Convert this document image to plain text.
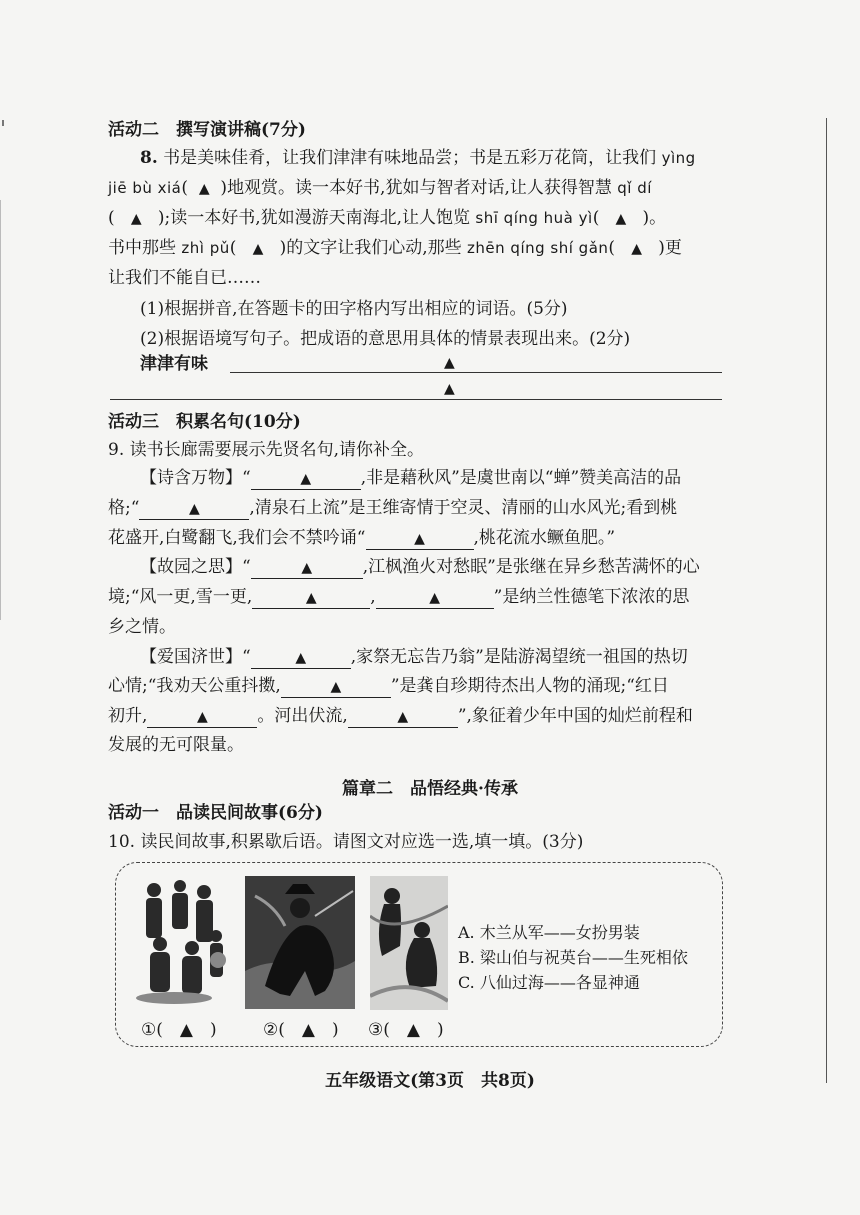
活动二　撰写演讲稿(7分)
8. 书是美味佳肴，让我们津津有味地品尝；书是五彩万花筒，让我们 yìng
jiē bù xiá(  ▲  )地观赏。读一本好书,犹如与智者对话,让人获得智慧 qǐ dí
(   ▲   );读一本好书,犹如漫游天南海北,让人饱览 shī qíng huà yì(   ▲   )。
书中那些 zhì pǔ(   ▲   )的文字让我们心动,那些 zhēn qíng shí gǎn(   ▲   )更
让我们不能自已……
(1)根据拼音,在答题卡的田字格内写出相应的词语。(5分)
(2)根据语境写句子。把成语的意思用具体的情景表现出来。(2分)
津津有味	▲
▲
活动三　积累名句(10分)
9. 读书长廊需要展示先贤名句,请你补全。
【诗含万物】“	▲	,非是藉秋风”是虞世南以“蝉”赞美高洁的品
格;“	▲	,清泉石上流”是王维寄情于空灵、清丽的山水风光;看到桃
花盛开,白鹭翻飞,我们会不禁吟诵“	▲	,桃花流水鳜鱼肥。”
【故园之思】“	▲	,江枫渔火对愁眠”是张继在异乡愁苦满怀的心
境;“风一更,雪一更,	▲	,	▲	”是纳兰性德笔下浓浓的思
乡之情。
【爱国济世】“	▲	,家祭无忘告乃翁”是陆游渴望统一祖国的热切
心情;“我劝天公重抖擞,	▲	”是龚自珍期待杰出人物的涌现;“红日
初升,	▲	。河出伏流,	▲	”,象征着少年中国的灿烂前程和
发展的无可限量。
篇章二　品悟经典·传承
活动一　品读民间故事(6分)
10. 读民间故事,积累歇后语。请图文对应选一选,填一填。(3分)
A. 木兰从军——女扮男装
B. 梁山伯与祝英台——生死相依
C. 八仙过海——各显神通
①(　▲　)	②(　▲　) ③(　▲　)
五年级语文(第3页　共8页)
